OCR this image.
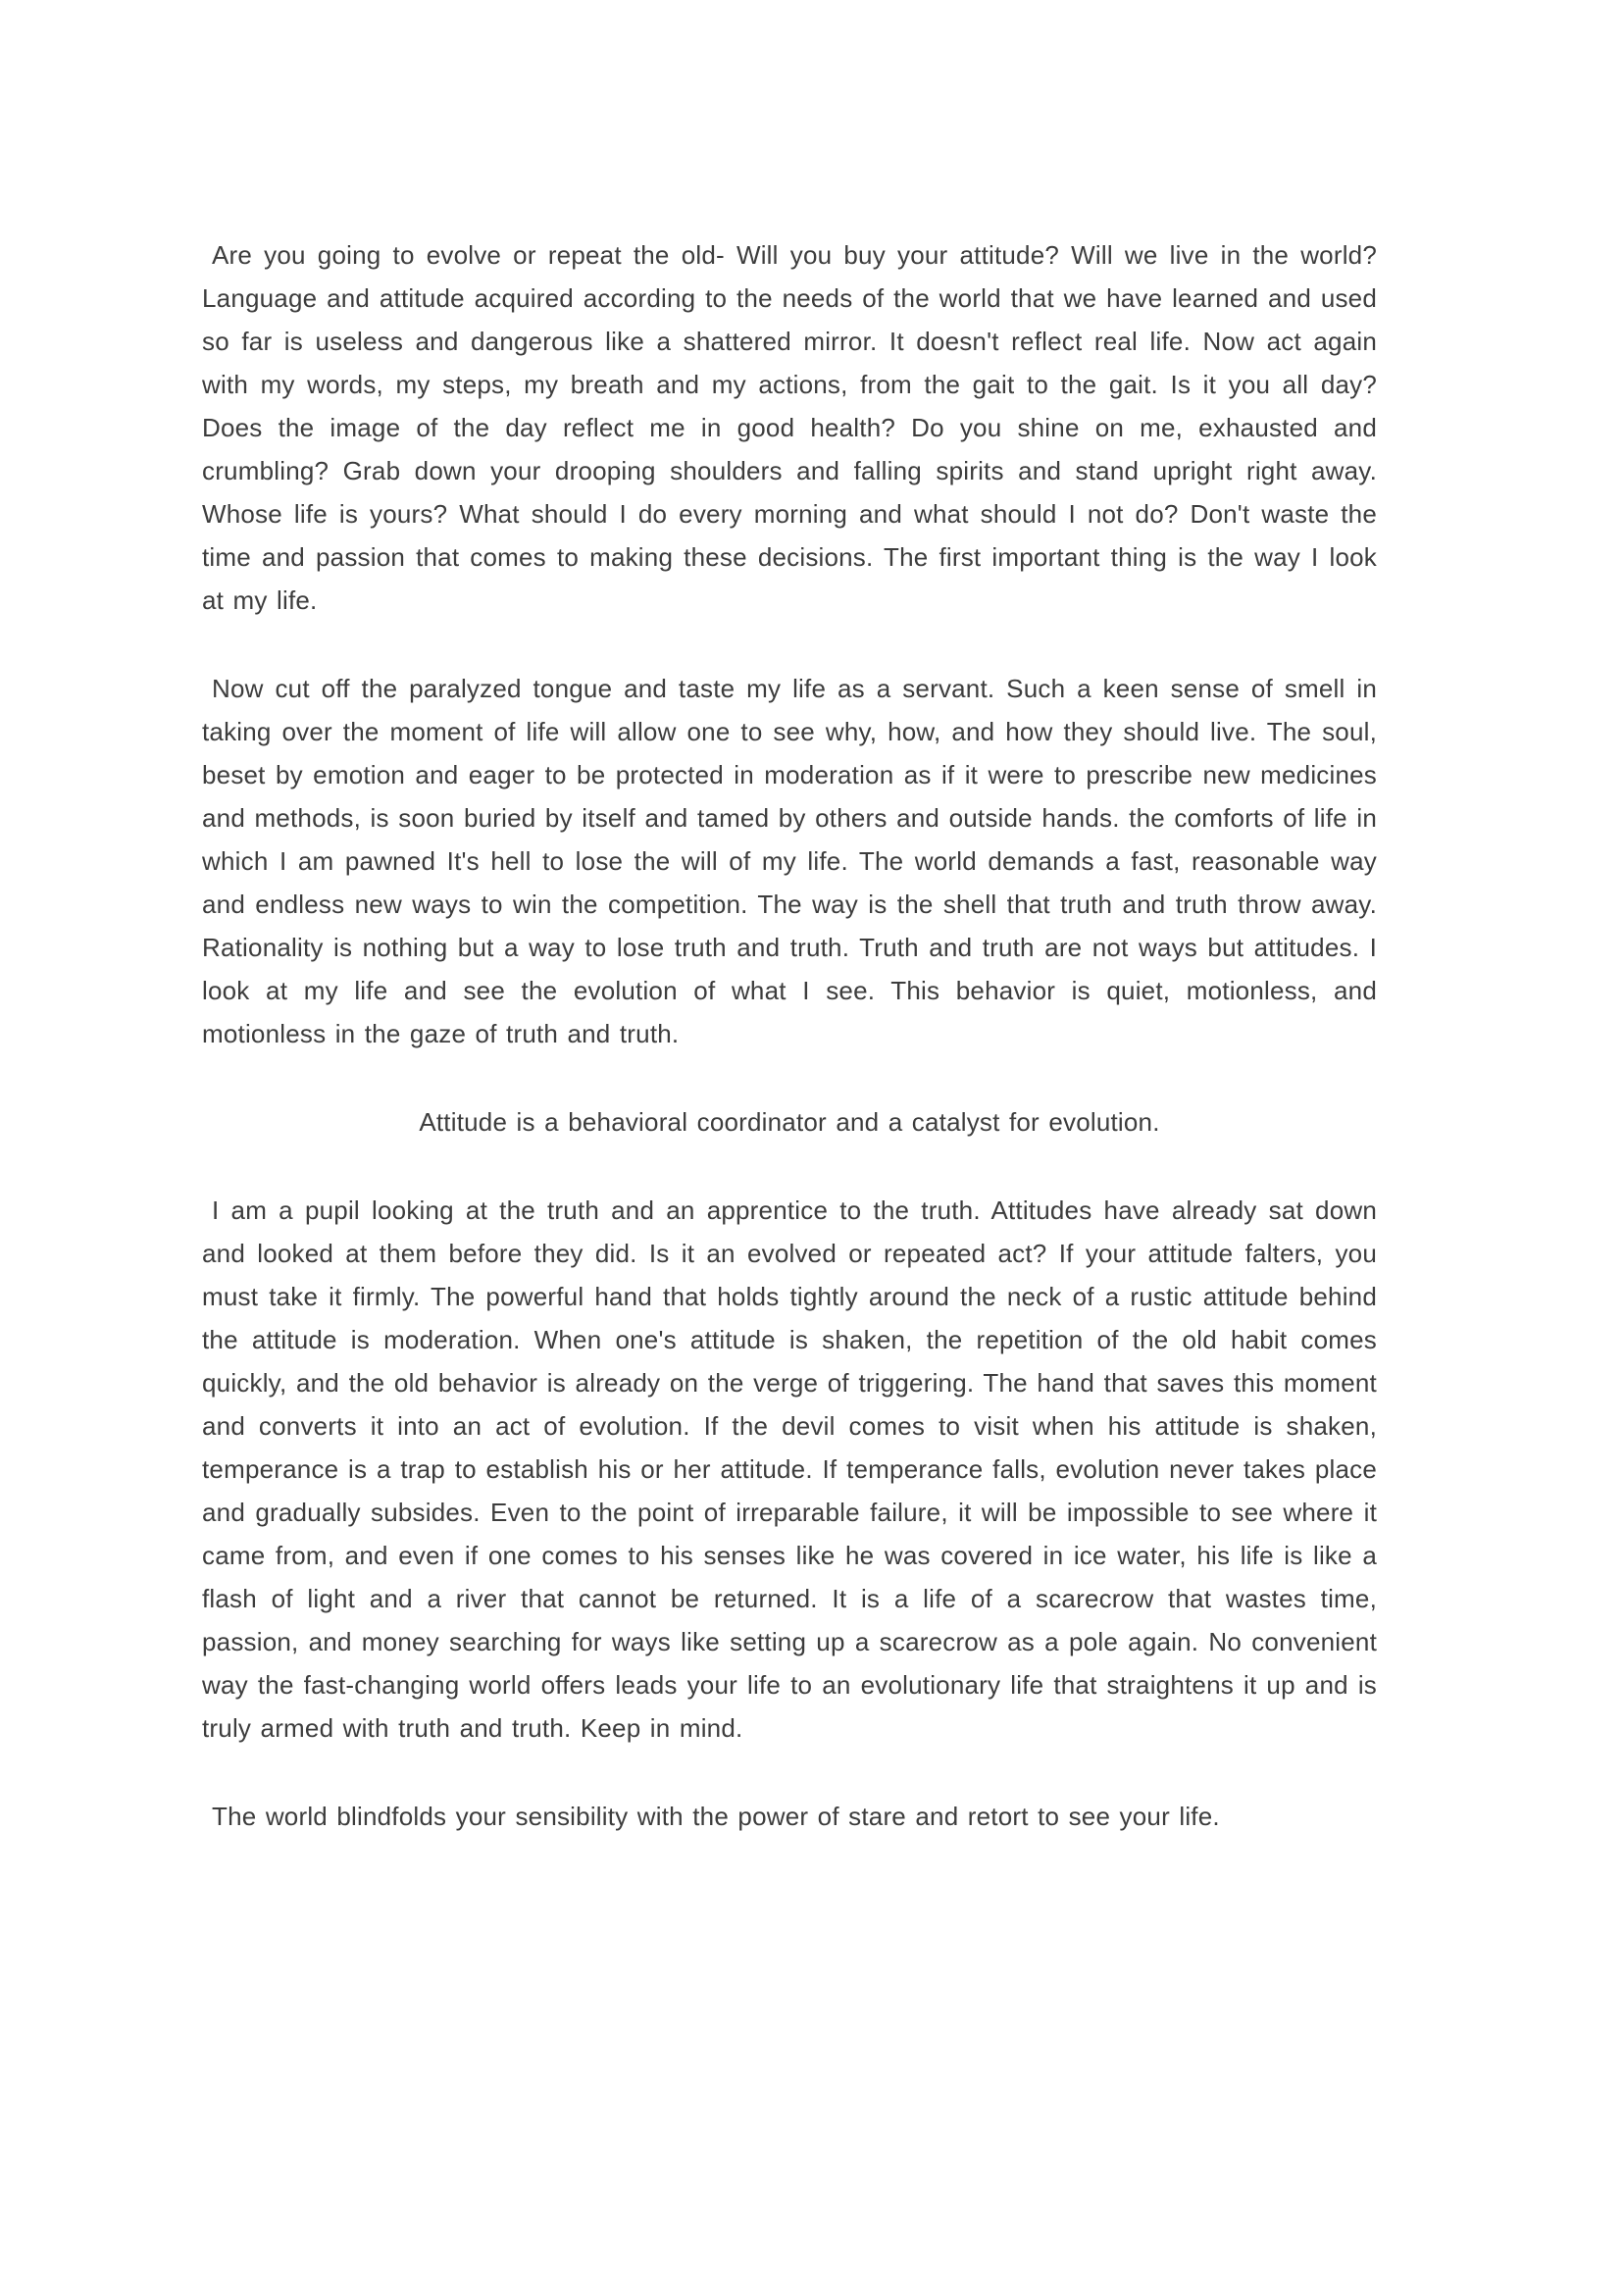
Are you going to evolve or repeat the old- Will you buy your attitude? Will we live in the world? Language and attitude acquired according to the needs of the world that we have learned and used so far is useless and dangerous like a shattered mirror. It doesn't reflect real life. Now act again with my words, my steps, my breath and my actions, from the gait to the gait. Is it you all day? Does the image of the day reflect me in good health? Do you shine on me, exhausted and crumbling? Grab down your drooping shoulders and falling spirits and stand upright right away. Whose life is yours? What should I do every morning and what should I not do? Don't waste the time and passion that comes to making these decisions. The first important thing is the way I look at my life.

Now cut off the paralyzed tongue and taste my life as a servant. Such a keen sense of smell in taking over the moment of life will allow one to see why, how, and how they should live. The soul, beset by emotion and eager to be protected in moderation as if it were to prescribe new medicines and methods, is soon buried by itself and tamed by others and outside hands. the comforts of life in which I am pawned It's hell to lose the will of my life. The world demands a fast, reasonable way and endless new ways to win the competition. The way is the shell that truth and truth throw away. Rationality is nothing but a way to lose truth and truth. Truth and truth are not ways but attitudes. I look at my life and see the evolution of what I see. This behavior is quiet, motionless, and motionless in the gaze of truth and truth.

Attitude is a behavioral coordinator and a catalyst for evolution.

I am a pupil looking at the truth and an apprentice to the truth. Attitudes have already sat down and looked at them before they did. Is it an evolved or repeated act? If your attitude falters, you must take it firmly. The powerful hand that holds tightly around the neck of a rustic attitude behind the attitude is moderation. When one's attitude is shaken, the repetition of the old habit comes quickly, and the old behavior is already on the verge of triggering. The hand that saves this moment and converts it into an act of evolution. If the devil comes to visit when his attitude is shaken, temperance is a trap to establish his or her attitude. If temperance falls, evolution never takes place and gradually subsides. Even to the point of irreparable failure, it will be impossible to see where it came from, and even if one comes to his senses like he was covered in ice water, his life is like a flash of light and a river that cannot be returned. It is a life of a scarecrow that wastes time, passion, and money searching for ways like setting up a scarecrow as a pole again. No convenient way the fast-changing world offers leads your life to an evolutionary life that straightens it up and is truly armed with truth and truth. Keep in mind.

The world blindfolds your sensibility with the power of stare and retort to see your life.
